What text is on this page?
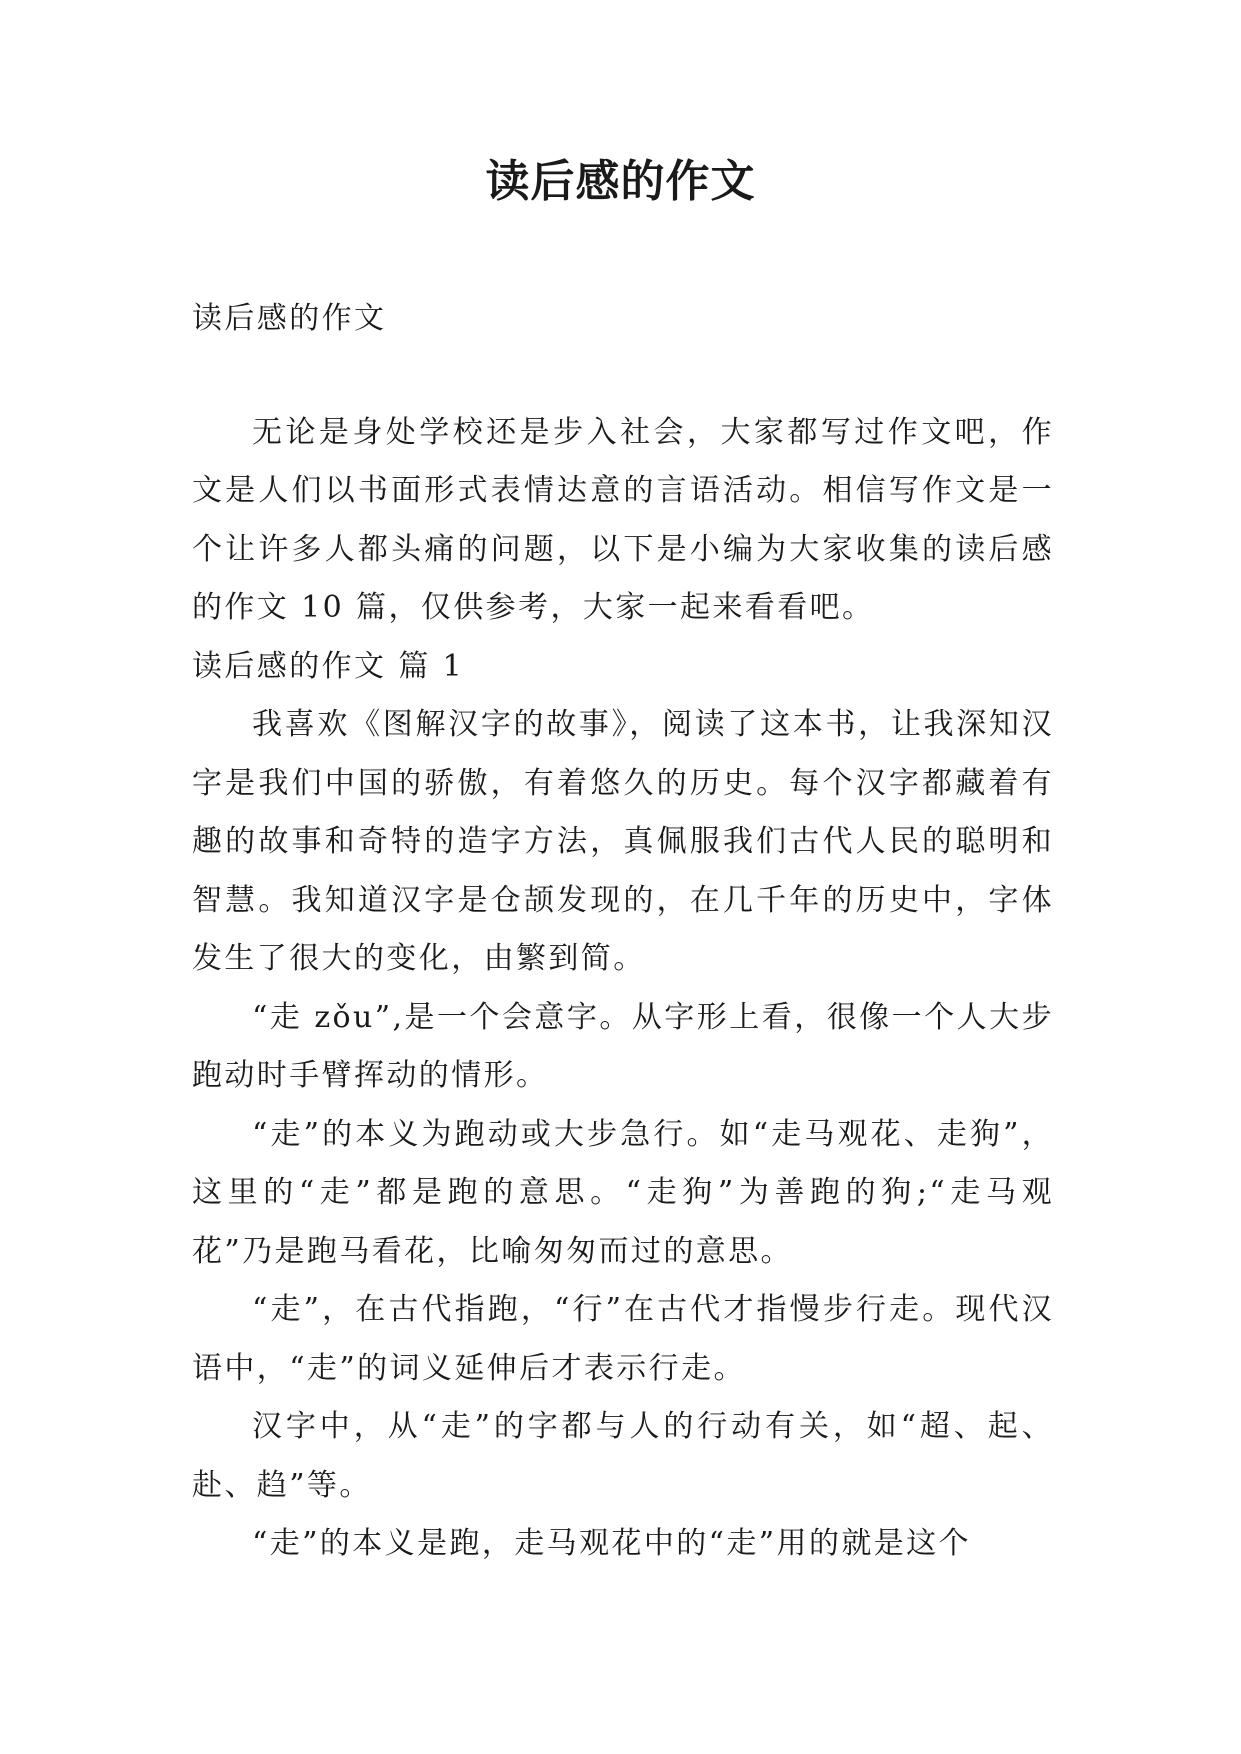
读后感的作文

读后感的作文

无论是身处学校还是步入社会，大家都写过作文吧，作文是人们以书面形式表情达意的言语活动。相信写作文是一个让许多人都头痛的问题，以下是小编为大家收集的读后感的作文 10 篇，仅供参考，大家一起来看看吧。

读后感的作文 篇 1

我喜欢《图解汉字的故事》，阅读了这本书，让我深知汉字是我们中国的骄傲，有着悠久的历史。每个汉字都藏着有趣的故事和奇特的造字方法，真佩服我们古代人民的聪明和智慧。我知道汉字是仓颉发现的，在几千年的历史中，字体发生了很大的变化，由繁到简。

“走 zǒu”,是一个会意字。从字形上看，很像一个人大步跑动时手臂挥动的情形。

“走”的本义为跑动或大步急行。如“走马观花、走狗”，这里的“走”都是跑的意思。“走狗”为善跑的狗;“走马观花”乃是跑马看花，比喻匆匆而过的意思。

“走”，在古代指跑，“行”在古代才指慢步行走。现代汉语中，“走”的词义延伸后才表示行走。

汉字中，从“走”的字都与人的行动有关，如“超、起、赴、趋”等。

“走”的本义是跑，走马观花中的“走”用的就是这个
